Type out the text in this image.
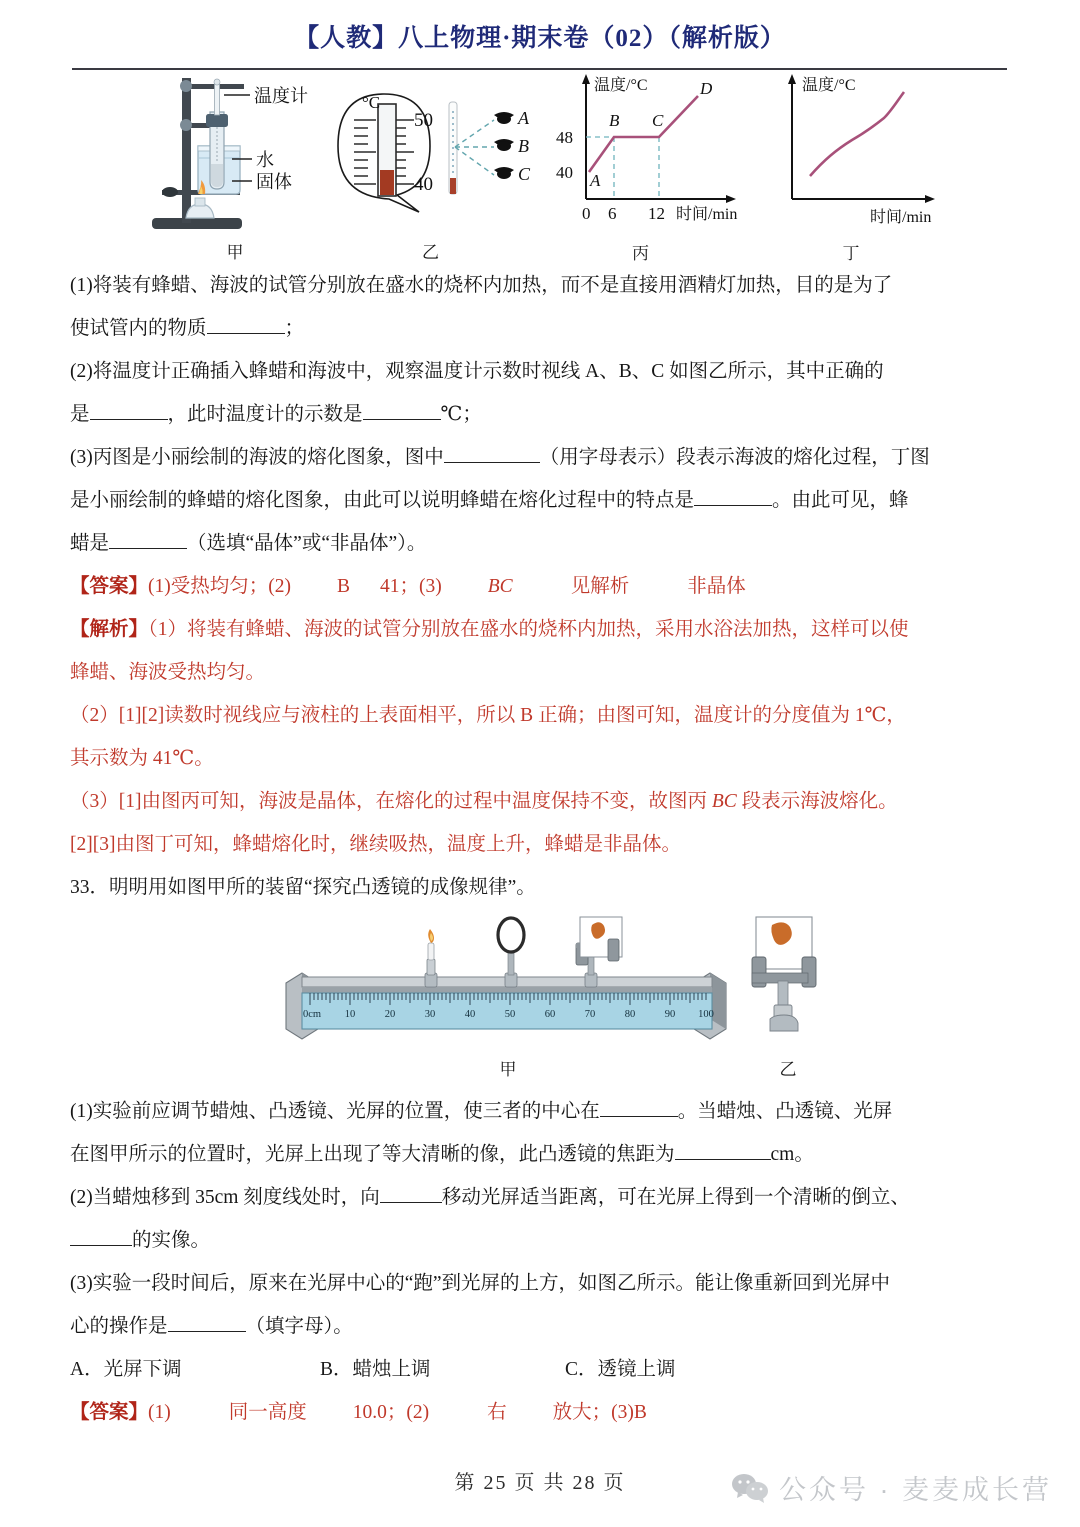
【人教】八上物理·期末卷（02）（解析版）
温度计
水
固体
甲
°C
50
40
A
B
C
乙
温度/°C
48
40
0 6 12 时间/min
A
B C
D
丙
温度/°C
时间/min
丁

(1)将装有蜂蜡、海波的试管分别放在盛水的烧杯内加热，而不是直接用酒精灯加热，目的是为了

使试管内的物质	；

(2)将温度计正确插入蜂蜡和海波中，观察温度计示数时视线 A、B、C 如图乙所示，其中正确的

是	，此时温度计的示数是	℃；

(3)丙图是小丽绘制的海波的熔化图象，图中	（用字母表示）段表示海波的熔化过程，丁图

是小丽绘制的蜂蜡的熔化图象，由此可以说明蜂蜡在熔化过程中的特点是	。由此可见，蜂

蜡是	（选填“晶体”或“非晶体”）。

【答案】(1)受热均匀；(2) B 41；(3) BC	见解析	非晶体

【解析】（1）将装有蜂蜡、海波的试管分别放在盛水的烧杯内加热，采用水浴法加热，这样可以使

蜂蜡、海波受热均匀。

（2）[1][2]读数时视线应与液柱的上表面相平，所以 B 正确；由图可知，温度计的分度值为 1℃，

其示数为 41℃。

（3）[1]由图丙可知，海波是晶体，在熔化的过程中温度保持不变，故图丙 BC 段表示海波熔化。

[2][3]由图丁可知，蜂蜡熔化时，继续吸热，温度上升，蜂蜡是非晶体。

33．明明用如图甲所的装留“探究凸透镜的成像规律”。
0cm 10	20	30	40	50	60	70	80	90 100
甲	乙

(1)实验前应调节蜡烛、凸透镜、光屏的位置，使三者的中心在	。当蜡烛、凸透镜、光屏

在图甲所示的位置时，光屏上出现了等大清晰的像，此凸透镜的焦距为	cm。

(2)当蜡烛移到 35cm 刻度线处时，向	移动光屏适当距离，可在光屏上得到一个清晰的倒立、

的实像。

(3)实验一段时间后，原来在光屏中心的“跑”到光屏的上方，如图乙所示。能让像重新回到光屏中

心的操作是	（填字母）。

A．光屏下调	B．蜡烛上调	C．透镜上调

【答案】(1)	同一高度 10.0；(2)	右 放大；(3)B

第 25 页 共 28 页	公众号 · 麦麦成长营
